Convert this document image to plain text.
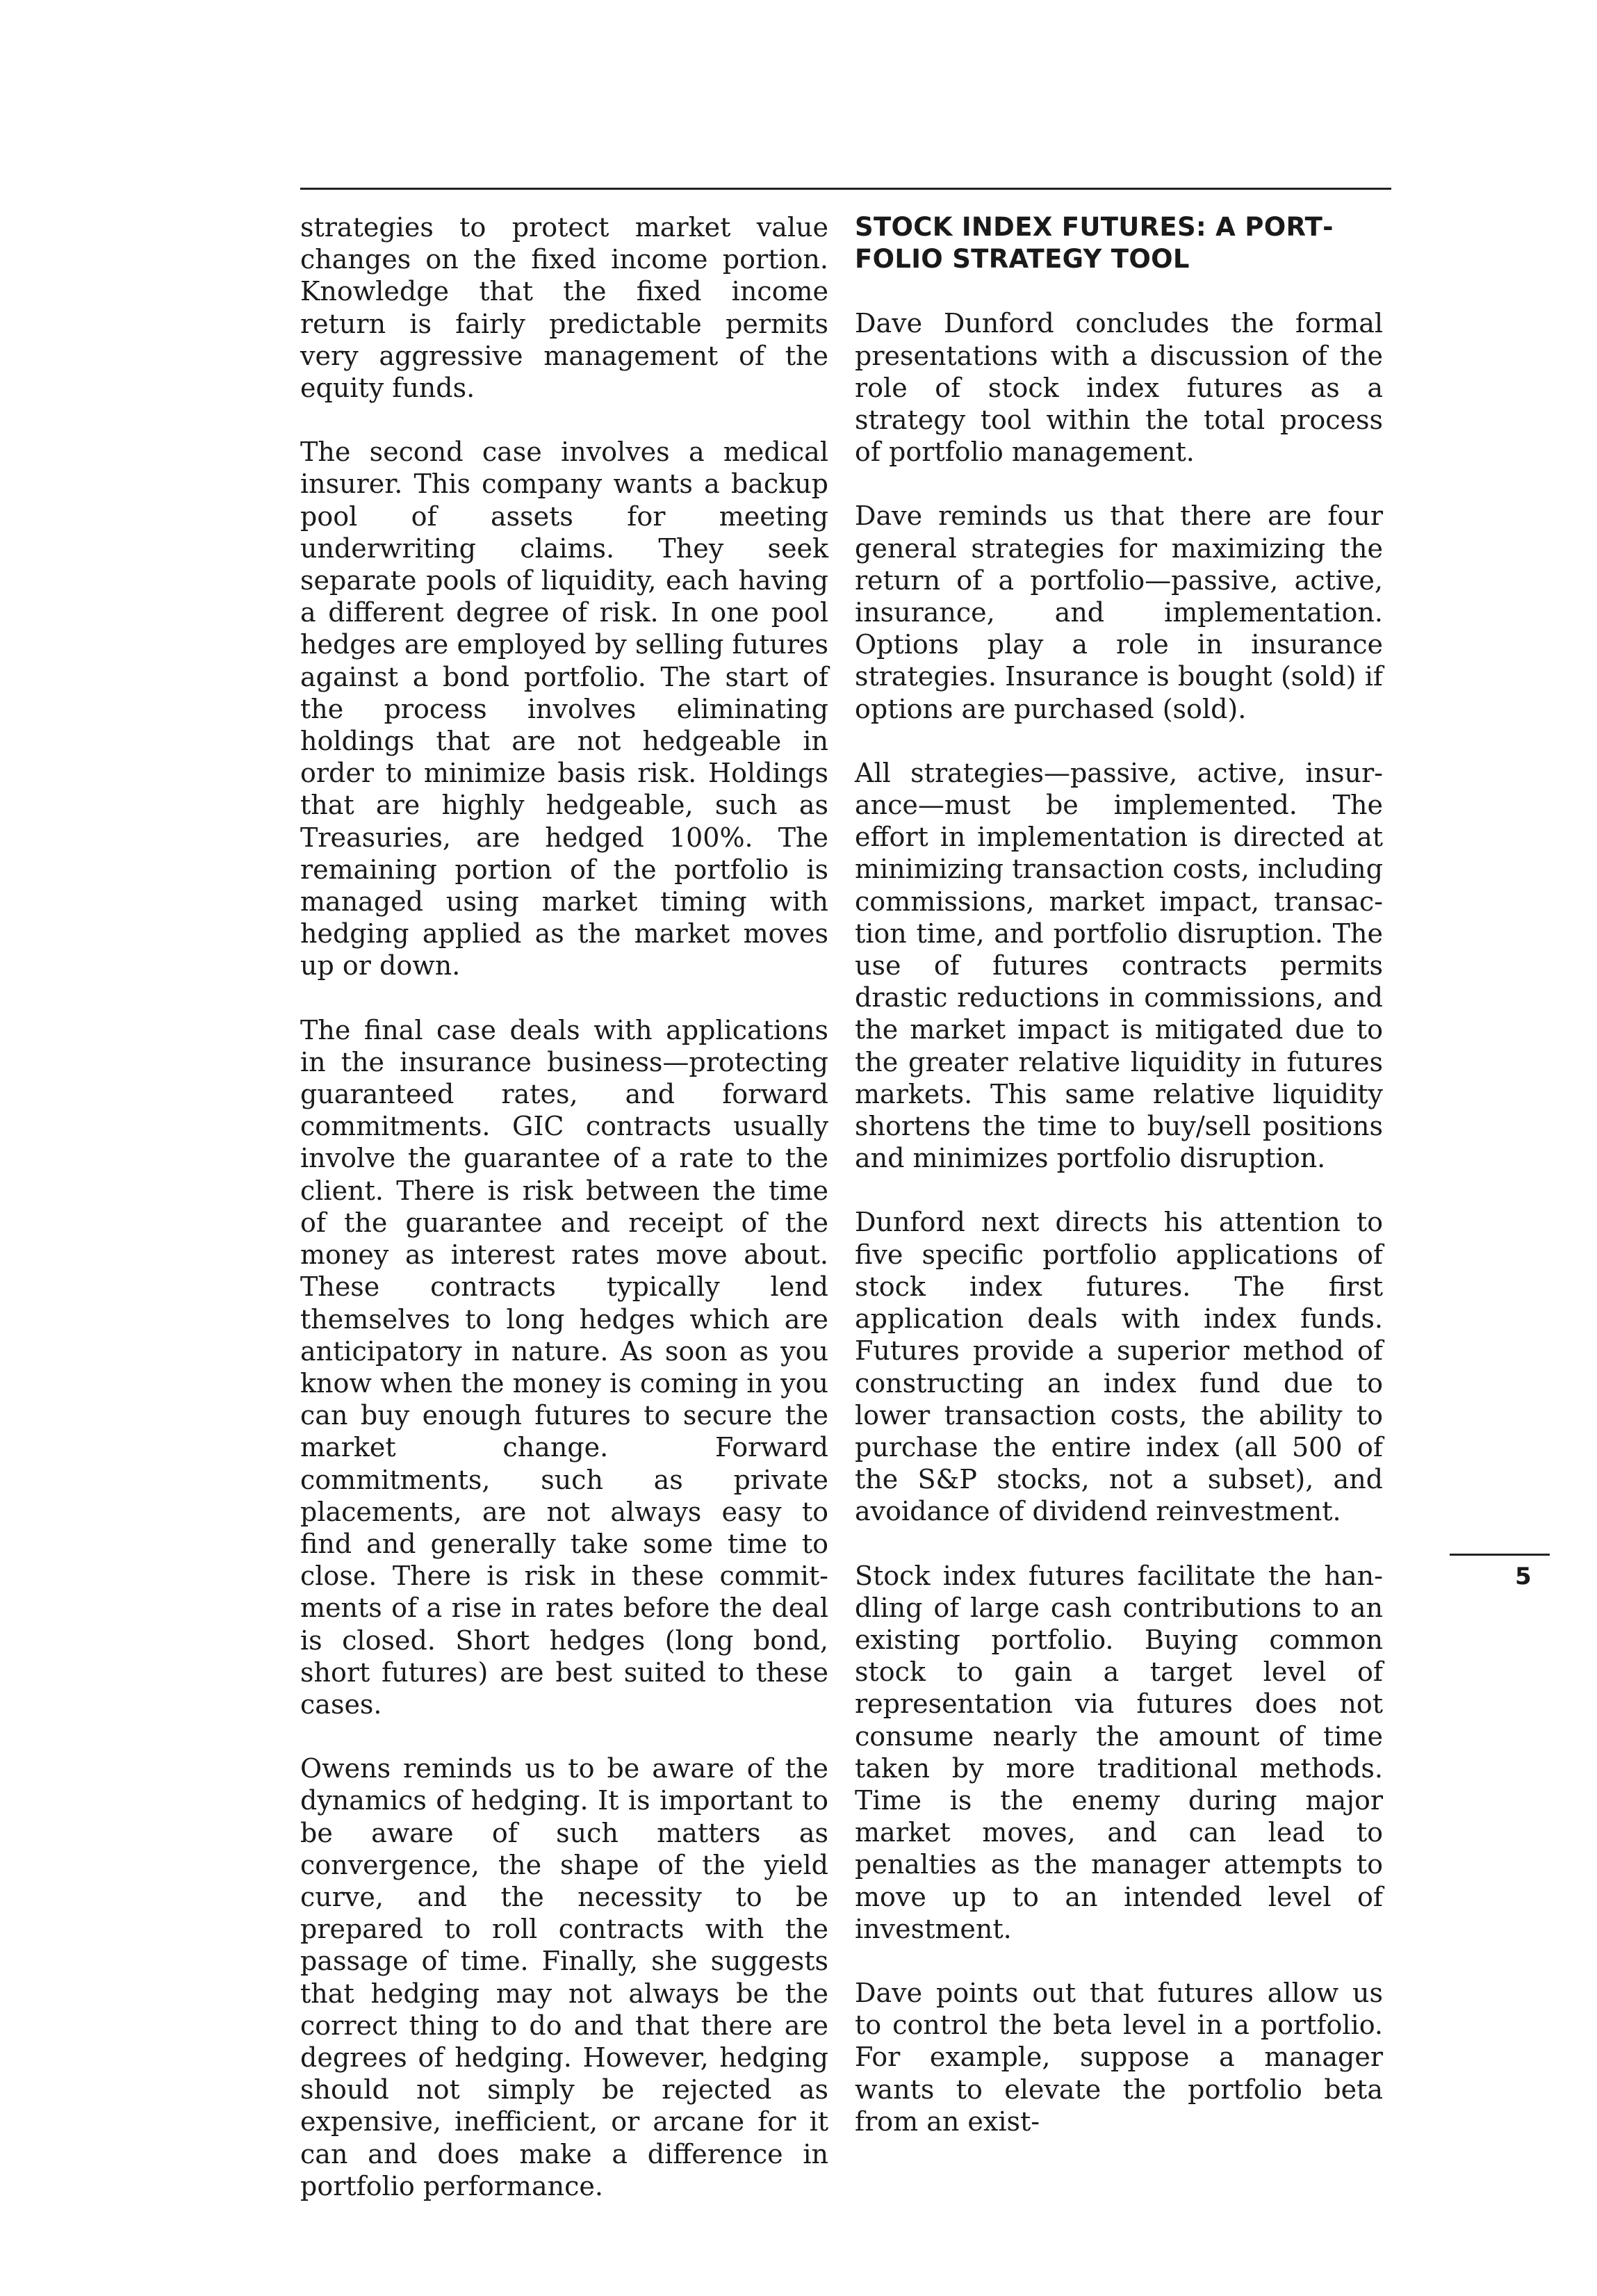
strategies to protect market value changes on the fixed income portion. Knowledge that the fixed income return is fairly predictable permits very aggressive management of the equity funds.

The second case involves a medical insurer. This company wants a backup pool of assets for meeting underwriting claims. They seek separate pools of liquidity, each having a different degree of risk. In one pool hedges are employed by selling futures against a bond portfolio. The start of the process involves eliminating holdings that are not hedgeable in order to minimize basis risk. Holdings that are highly hedgeable, such as Treasuries, are hedged 100%. The remaining portion of the portfolio is managed using market timing with hedging applied as the market moves up or down.

The final case deals with applications in the insurance business—protecting guaranteed rates, and forward commitments. GIC contracts usually involve the guarantee of a rate to the client. There is risk between the time of the guarantee and receipt of the money as interest rates move about. These contracts typically lend themselves to long hedges which are anticipatory in nature. As soon as you know when the money is coming in you can buy enough futures to secure the market change. Forward commitments, such as private placements, are not always easy to find and generally take some time to close. There is risk in these commitments of a rise in rates before the deal is closed. Short hedges (long bond, short futures) are best suited to these cases.

Owens reminds us to be aware of the dynamics of hedging. It is important to be aware of such matters as convergence, the shape of the yield curve, and the necessity to be prepared to roll contracts with the passage of time. Finally, she suggests that hedging may not always be the correct thing to do and that there are degrees of hedging. However, hedging should not simply be rejected as expensive, inefficient, or arcane for it can and does make a difference in portfolio performance.

STOCK INDEX FUTURES: A PORTFOLIO STRATEGY TOOL

Dave Dunford concludes the formal presentations with a discussion of the role of stock index futures as a strategy tool within the total process of portfolio management.

Dave reminds us that there are four general strategies for maximizing the return of a portfolio—passive, active, insurance, and implementation. Options play a role in insurance strategies. Insurance is bought (sold) if options are purchased (sold).

All strategies—passive, active, insurance—must be implemented. The effort in implementation is directed at minimizing transaction costs, including commissions, market impact, transaction time, and portfolio disruption. The use of futures contracts permits drastic reductions in commissions, and the market impact is mitigated due to the greater relative liquidity in futures markets. This same relative liquidity shortens the time to buy/sell positions and minimizes portfolio disruption.

Dunford next directs his attention to five specific portfolio applications of stock index futures. The first application deals with index funds. Futures provide a superior method of constructing an index fund due to lower transaction costs, the ability to purchase the entire index (all 500 of the S&P stocks, not a subset), and avoidance of dividend reinvestment.

Stock index futures facilitate the handling of large cash contributions to an existing portfolio. Buying common stock to gain a target level of representation via futures does not consume nearly the amount of time taken by more traditional methods. Time is the enemy during major market moves, and can lead to penalties as the manager attempts to move up to an intended level of investment.

Dave points out that futures allow us to control the beta level in a portfolio. For example, suppose a manager wants to elevate the portfolio beta from an exist-

5
